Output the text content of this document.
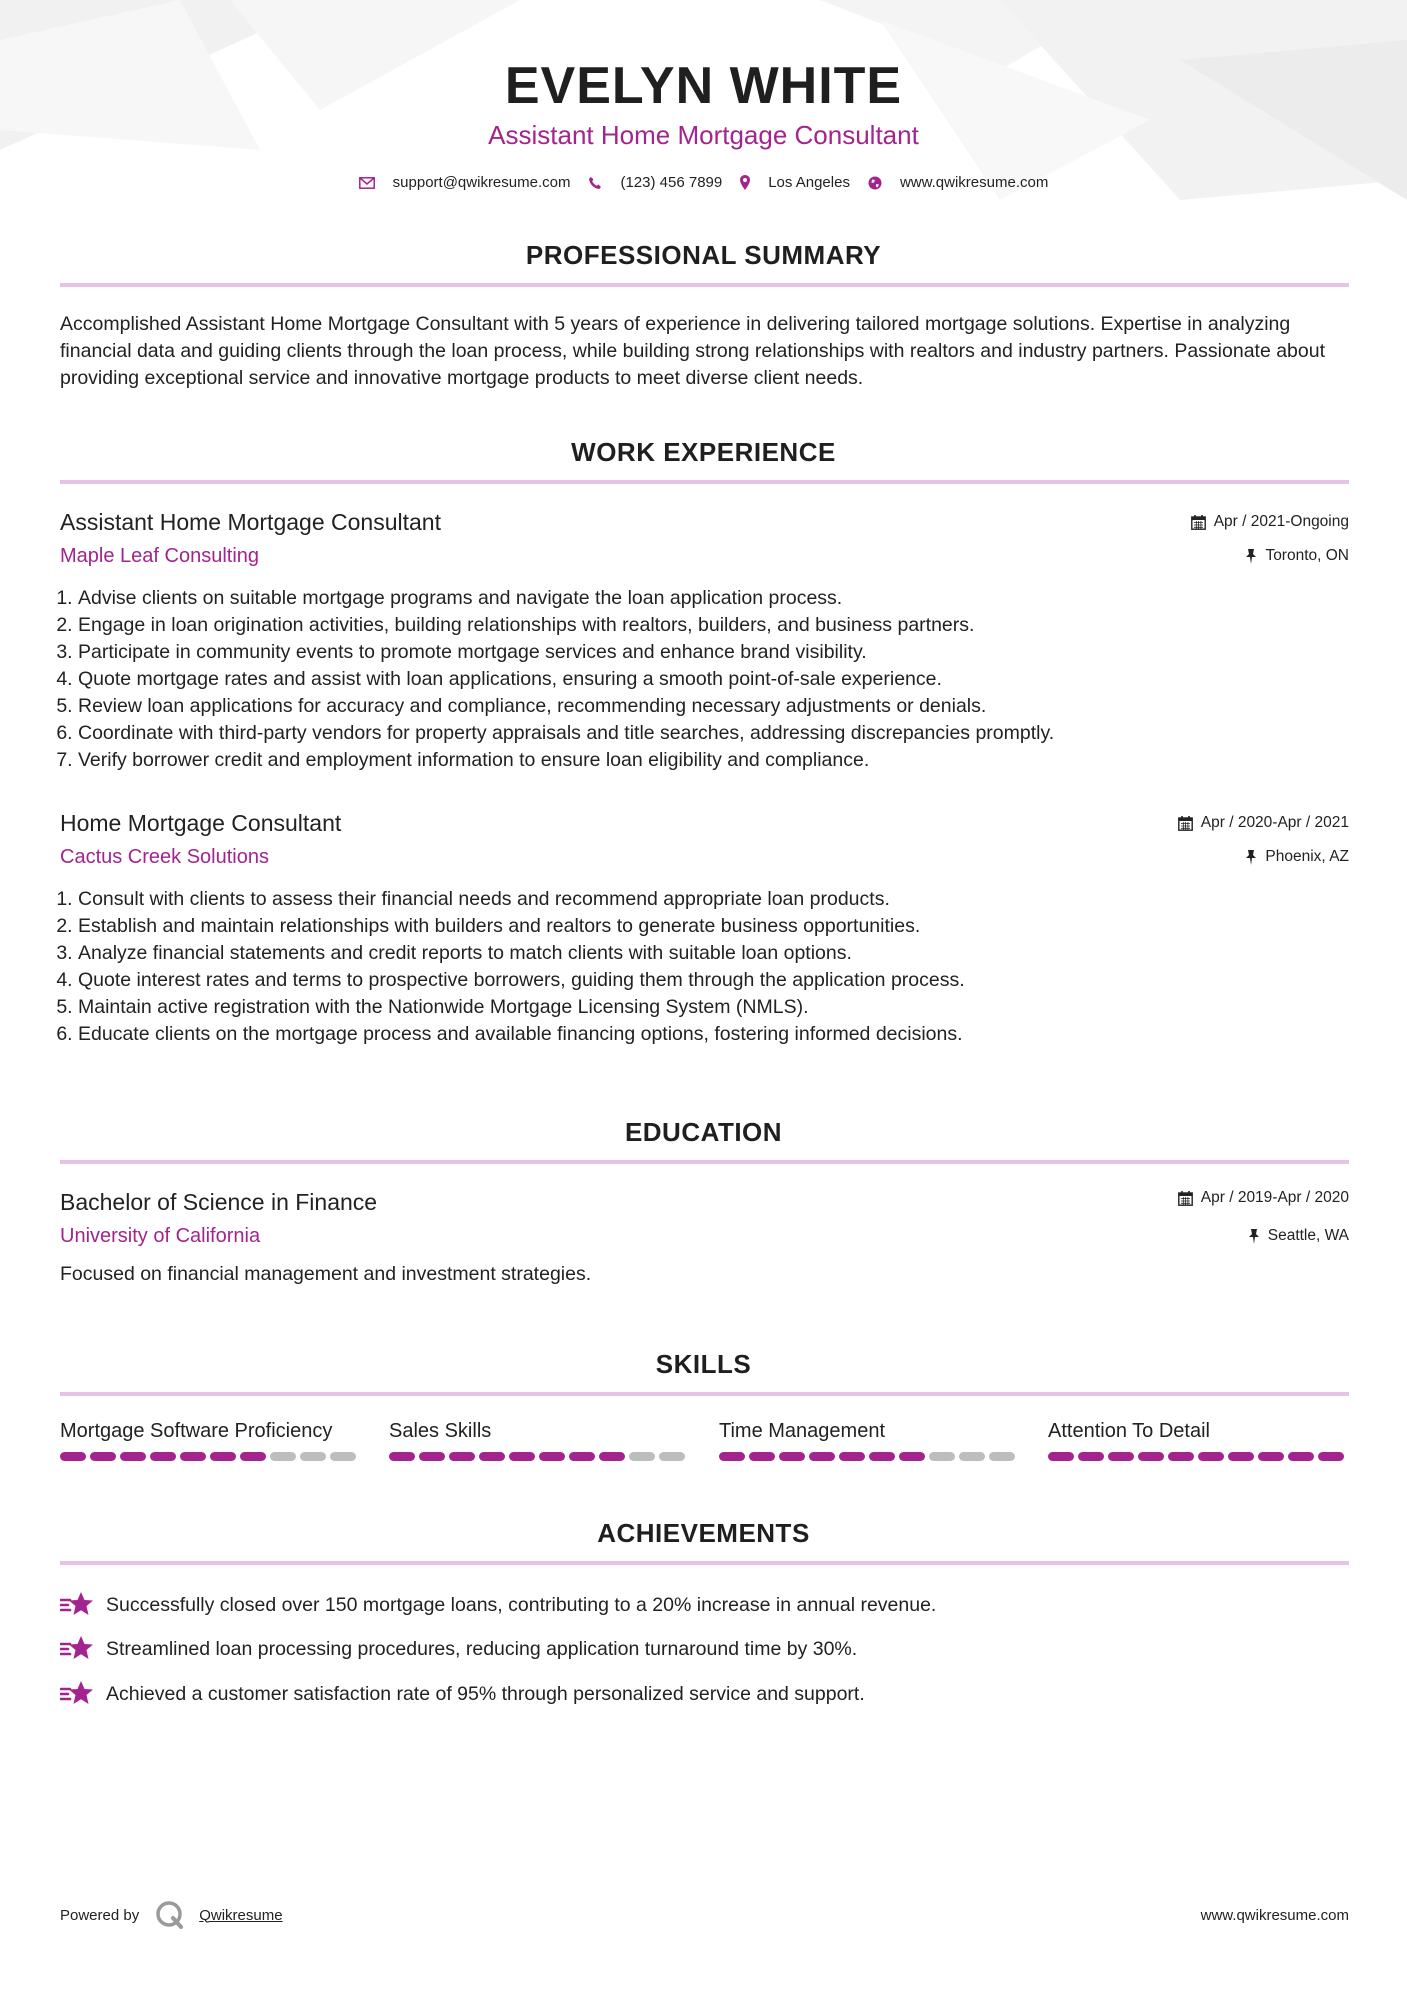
EVELYN WHITE
Assistant Home Mortgage Consultant
support@qwikresume.com	(123) 456 7899	Los Angeles	www.qwikresume.com
PROFESSIONAL SUMMARY

Accomplished Assistant Home Mortgage Consultant with 5 years of experience in delivering tailored mortgage solutions. Expertise in analyzing financial data and guiding clients through the loan process, while building strong relationships with realtors and industry partners. Passionate about providing exceptional service and innovative mortgage products to meet diverse client needs.

WORK EXPERIENCE
Assistant Home Mortgage Consultant
Maple Leaf Consulting
Apr / 2021-Ongoing
Toronto, ON
1. Advise clients on suitable mortgage programs and navigate the loan application process.
2. Engage in loan origination activities, building relationships with realtors, builders, and business partners.
3. Participate in community events to promote mortgage services and enhance brand visibility.
4. Quote mortgage rates and assist with loan applications, ensuring a smooth point-of-sale experience.
5. Review loan applications for accuracy and compliance, recommending necessary adjustments or denials.
6. Coordinate with third-party vendors for property appraisals and title searches, addressing discrepancies promptly.
7. Verify borrower credit and employment information to ensure loan eligibility and compliance.
Home Mortgage Consultant
Cactus Creek Solutions
Apr / 2020-Apr / 2021
Phoenix, AZ
1. Consult with clients to assess their financial needs and recommend appropriate loan products.
2. Establish and maintain relationships with builders and realtors to generate business opportunities.
3. Analyze financial statements and credit reports to match clients with suitable loan options.
4. Quote interest rates and terms to prospective borrowers, guiding them through the application process.
5. Maintain active registration with the Nationwide Mortgage Licensing System (NMLS).
6. Educate clients on the mortgage process and available financing options, fostering informed decisions.
EDUCATION
Bachelor of Science in Finance
University of California
Apr / 2019-Apr / 2020
Seattle, WA
Focused on financial management and investment strategies.
SKILLS
Mortgage Software Proficiency	Sales Skills	Time Management	Attention To Detail
ACHIEVEMENTS
Successfully closed over 150 mortgage loans, contributing to a 20% increase in annual revenue.
Streamlined loan processing procedures, reducing application turnaround time by 30%.
Achieved a customer satisfaction rate of 95% through personalized service and support.
Powered by	Qwikresume	www.qwikresume.com
